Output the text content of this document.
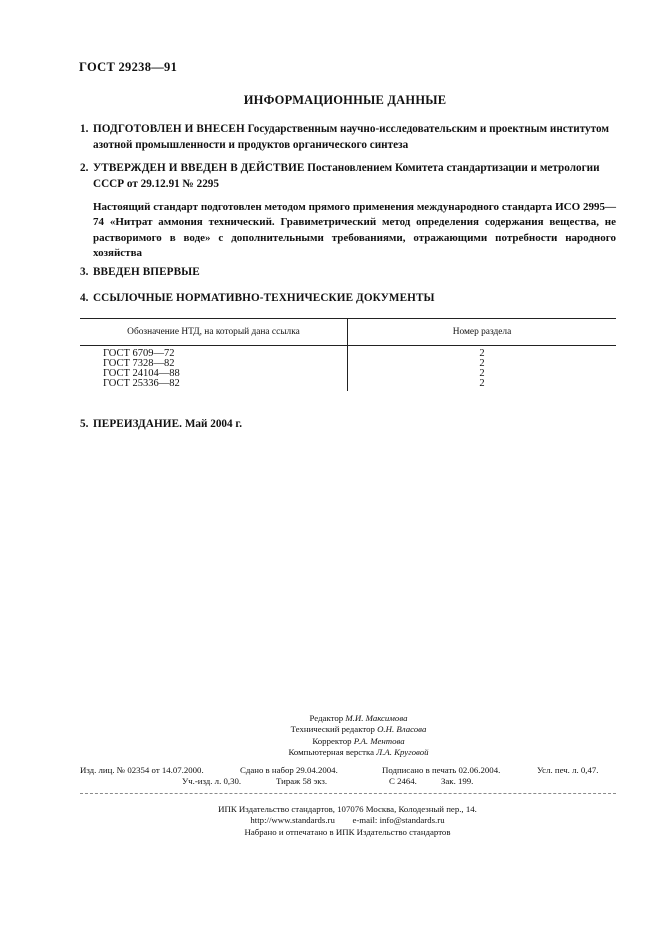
ГОСТ 29238—91
ИНФОРМАЦИОННЫЕ ДАННЫЕ
1. ПОДГОТОВЛЕН И ВНЕСЕН Государственным научно-исследовательским и проектным институтом
азотной промышленности и продуктов органического синтеза
2. УТВЕРЖДЕН И ВВЕДЕН В ДЕЙСТВИЕ Постановлением Комитета стандартизации и метрологии
СССР от 29.12.91 № 2295
Настоящий стандарт подготовлен методом прямого применения международного стандарта ИСО 2995—74 «Нитрат аммония технический. Гравиметрический метод определения содержания вещества, не растворимого в воде» с дополнительными требованиями, отражающими потребности народного хозяйства
3. ВВЕДЕН ВПЕРВЫЕ
4. ССЫЛОЧНЫЕ НОРМАТИВНО-ТЕХНИЧЕСКИЕ ДОКУМЕНТЫ
Обозначение НТД, на который дана ссылка	Номер раздела
ГОСТ 6709—72	2
ГОСТ 7328—82	2
ГОСТ 24104—88	2
ГОСТ 25336—82	2
5. ПЕРЕИЗДАНИЕ. Май 2004 г.
Редактор М.И. Максимова
Технический редактор О.Н. Власова
Корректор Р.А. Ментова
Компьютерная верстка Л.А. Круговой
Изд. лиц. № 02354 от 14.07.2000.	Сдано в набор 29.04.2004.	Подписано в печать 02.06.2004.	Усл. печ. л. 0,47.
Уч.-изд. л. 0,30.	Тираж 58 экз.	С 2464.	Зак. 199.
ИПК Издательство стандартов, 107076 Москва, Колодезный пер., 14.
http://www.standards.ru e-mail: info@standards.ru
Набрано и отпечатано в ИПК Издательство стандартов
